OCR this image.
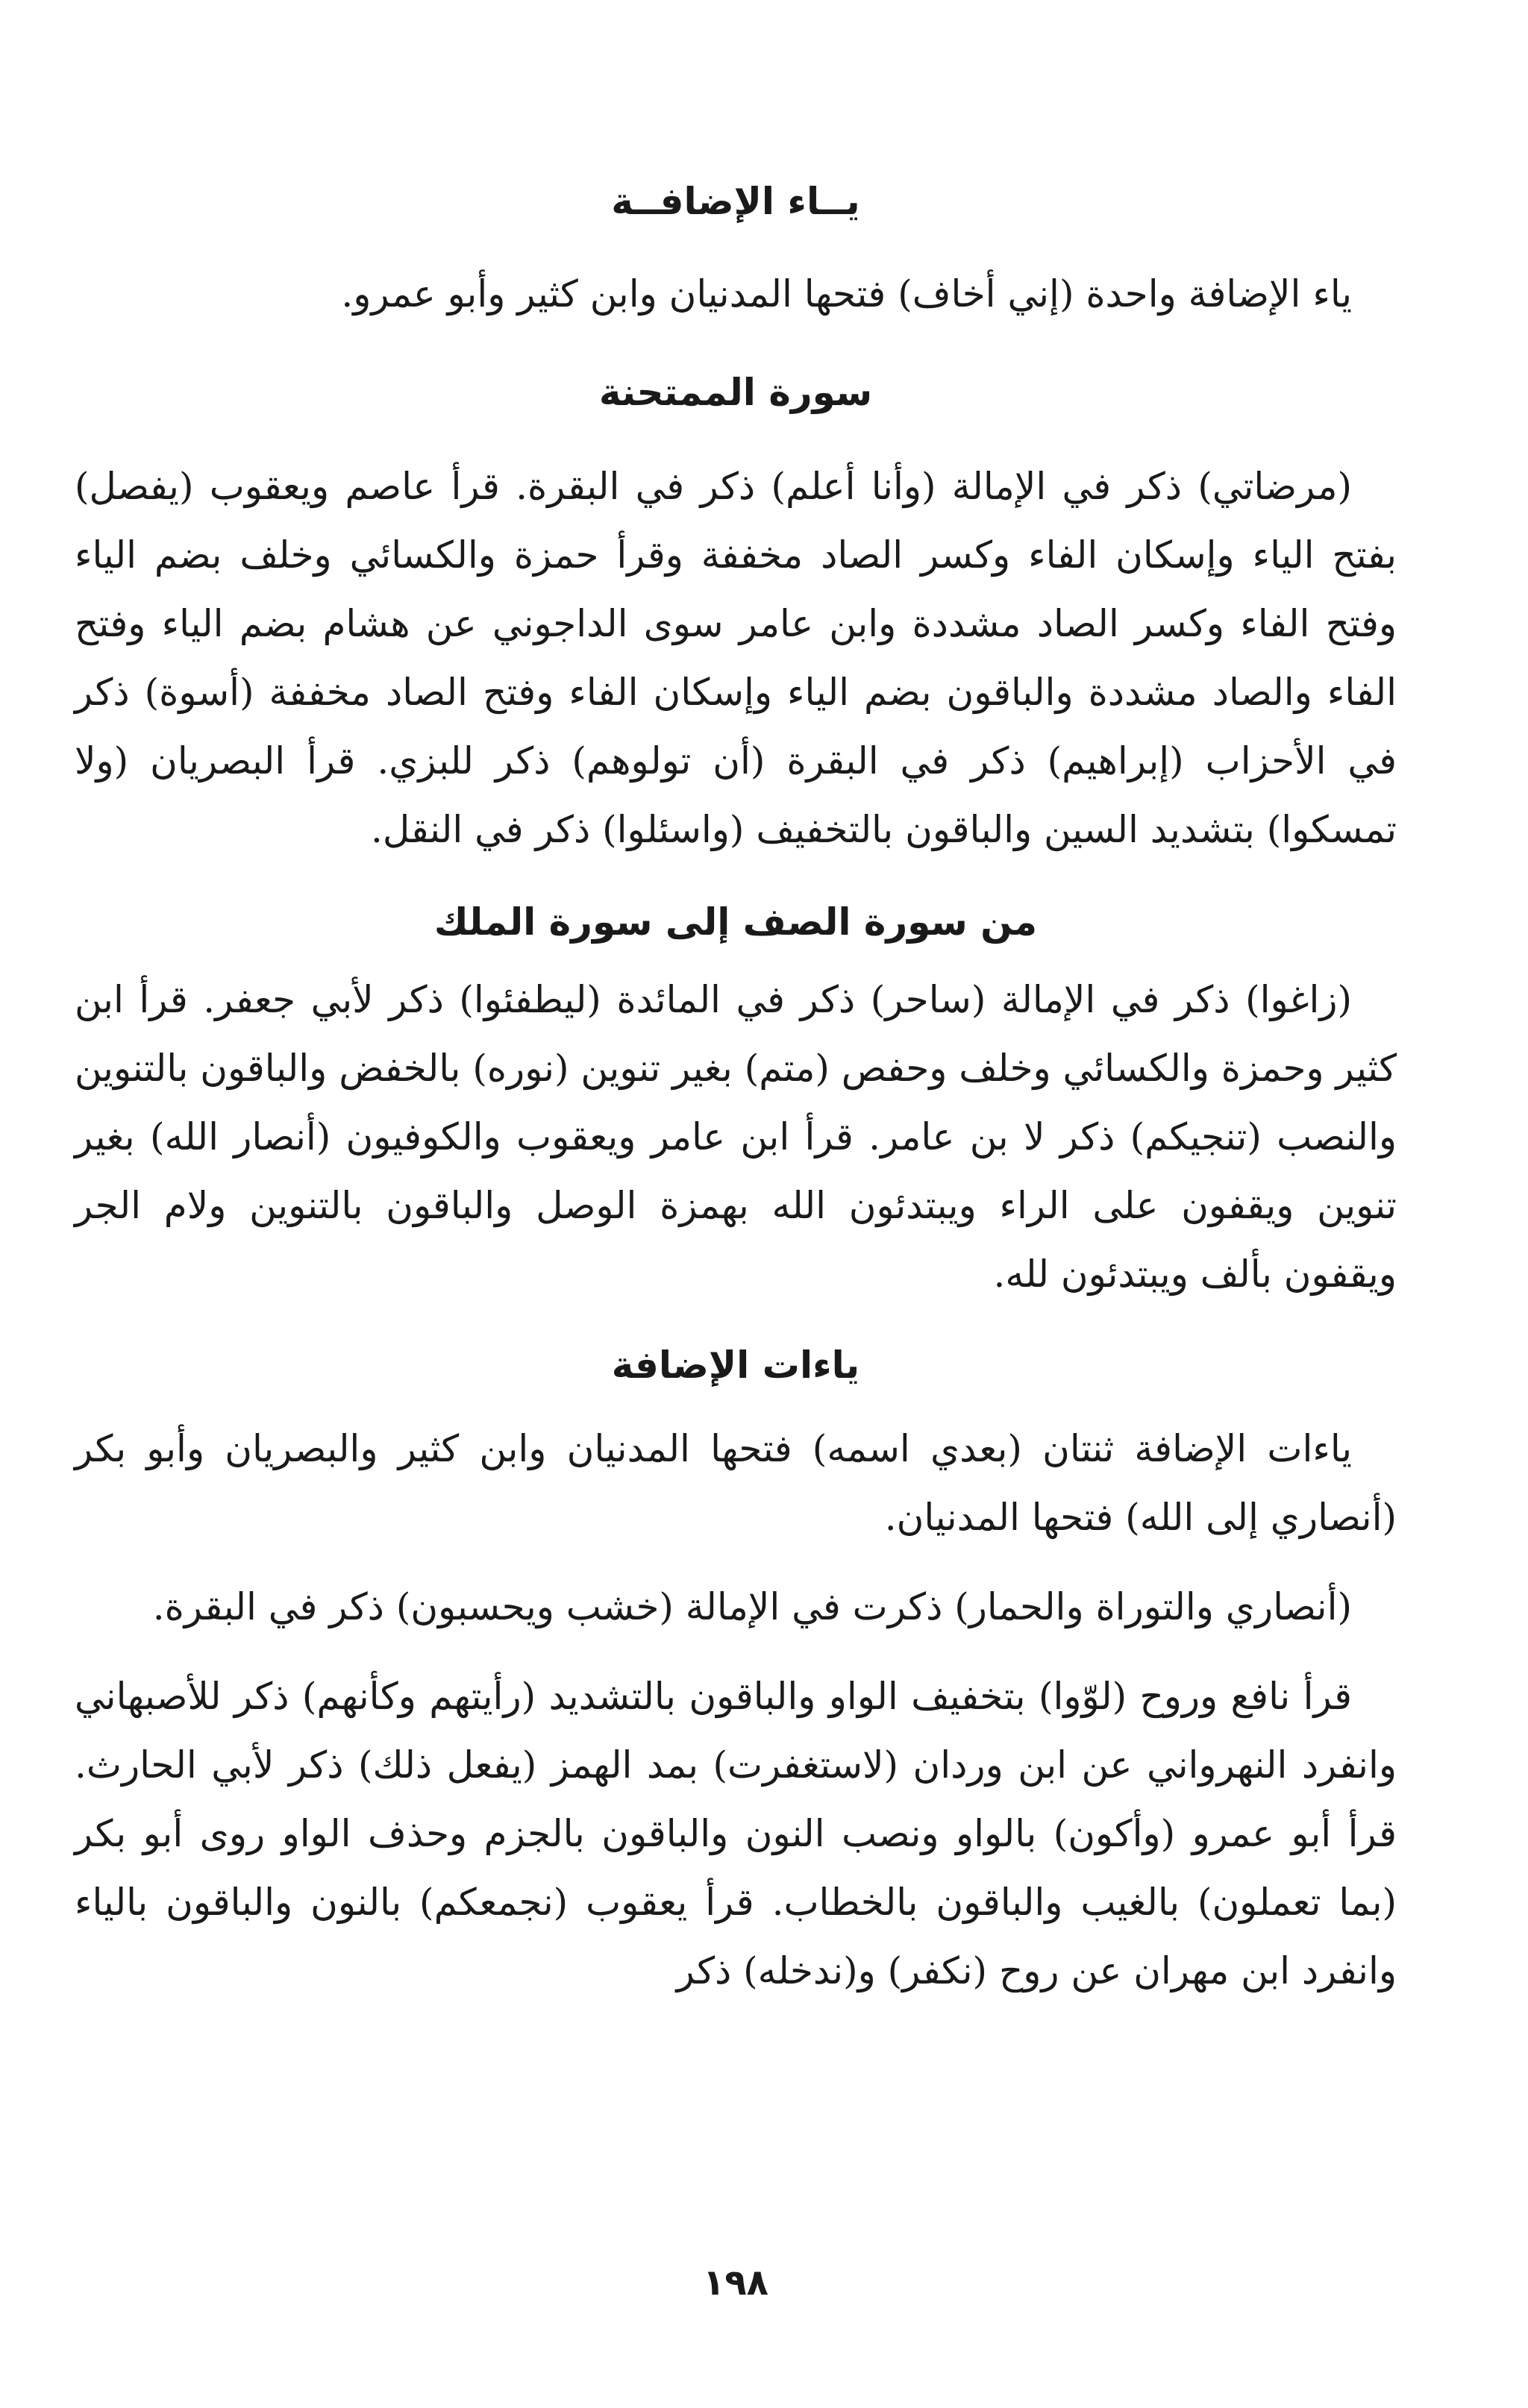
يــاء الإضافــة

ياء الإضافة واحدة (إني أخاف) فتحها المدنيان وابن كثير وأبو عمرو.

سورة الممتحنة

(مرضاتي) ذكر في الإمالة (وأنا أعلم) ذكر في البقرة. قرأ عاصم ويعقوب (يفصل) بفتح الياء وإسكان الفاء وكسر الصاد مخففة وقرأ حمزة والكسائي وخلف بضم الياء وفتح الفاء وكسر الصاد مشددة وابن عامر سوى الداجوني عن هشام بضم الياء وفتح الفاء والصاد مشددة والباقون بضم الياء وإسكان الفاء وفتح الصاد مخففة (أسوة) ذكر في الأحزاب (إبراهيم) ذكر في البقرة (أن تولوهم) ذكر للبزي. قرأ البصريان (ولا تمسكوا) بتشديد السين والباقون بالتخفيف (واسئلوا) ذكر في النقل.

من سورة الصف إلى سورة الملك

(زاغوا) ذكر في الإمالة (ساحر) ذكر في المائدة (ليطفئوا) ذكر لأبي جعفر. قرأ ابن كثير وحمزة والكسائي وخلف وحفص (متم) بغير تنوين (نوره) بالخفض والباقون بالتنوين والنصب (تنجيكم) ذكر لا بن عامر. قرأ ابن عامر ويعقوب والكوفيون (أنصار الله) بغير تنوين ويقفون على الراء ويبتدئون الله بهمزة الوصل والباقون بالتنوين ولام الجر ويقفون بألف ويبتدئون لله.

ياءات الإضافة

ياءات الإضافة ثنتان (بعدي اسمه) فتحها المدنيان وابن كثير والبصريان وأبو بكر (أنصاري إلى الله) فتحها المدنيان.

(أنصاري والتوراة والحمار) ذكرت في الإمالة (خشب ويحسبون) ذكر في البقرة.

قرأ نافع وروح (لوّوا) بتخفيف الواو والباقون بالتشديد (رأيتهم وكأنهم) ذكر للأصبهاني وانفرد النهرواني عن ابن وردان (لاستغفرت) بمد الهمز (يفعل ذلك) ذكر لأبي الحارث. قرأ أبو عمرو (وأكون) بالواو ونصب النون والباقون بالجزم وحذف الواو روى أبو بكر (بما تعملون) بالغيب والباقون بالخطاب. قرأ يعقوب (نجمعكم) بالنون والباقون بالياء وانفرد ابن مهران عن روح (نكفر) و(ندخله) ذكر

١٩٨
